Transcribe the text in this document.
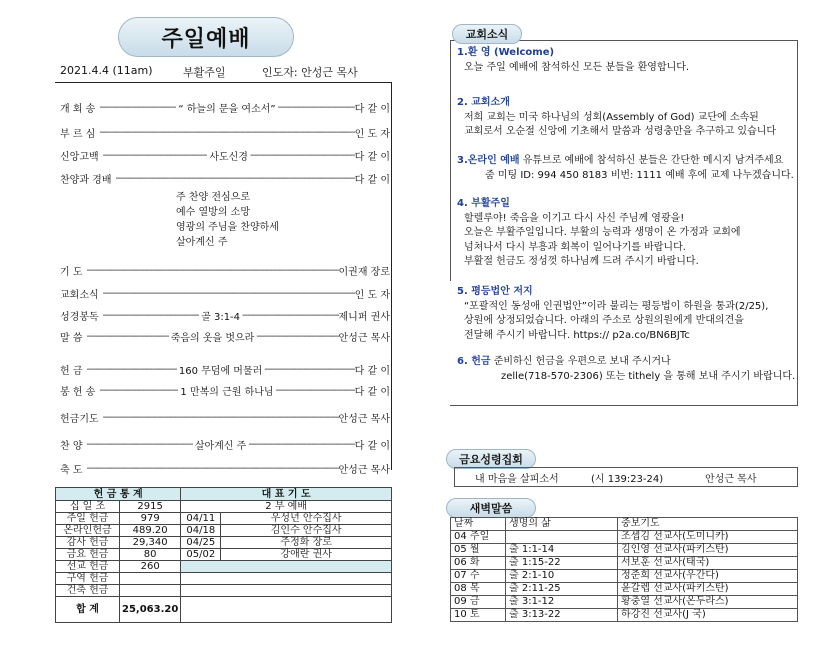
주일예배
2021.4.4 (11am)	부활주일	인도자: 안성근 목사
개 회 송 -----	“ 하늘의 문을 여소서” -----	다 같 이
부 르 심 -----	인 도 자
신앙고백 -----	사도신경 -----	다 같 이
찬양과 경배 -----	다 같 이
기 도 -----	이권재 장로
교회소식 -----	인 도 자
성경봉독 -----	골 3:1-4 -----	제니퍼 권사
말 씀 -----	죽음의 옷을 벗으라 -----	안성근 목사
헌 금 -----	160 무덤에 머물러 -----	다 같 이
봉 헌 송 -----	1 만복의 근원 하나님 -----	다 같 이
헌금기도 -----	안성근 목사
찬 양 -----	살아계신 주 -----	다 같 이
축 도 -----	안성근 목사
주 찬양 전심으로
예수 열방의 소망
영광의 주님을 찬양하세
살아계신 주
헌 금 통 계		대 표 기 도	
십 일 조	2915	2 부 예배	
주일 헌금	979	04/11	우성년 안수집사
온라인헌금	489.20	04/18	김인수 안수집사
감사 헌금	29,340	04/25	주정화 장로
금요 헌금	80	05/02	강애란 권사
선교 헌금	260		
구역 헌금			
건축 헌금			
합 계	25,063.20		
교회소식
1.환 영 (Welcome)
오늘 주일 예배에 참석하신 모든 분들을 환영합니다.
2. 교회소개
저희 교회는 미국 하나님의 성회(Assembly of God) 교단에 소속된
교회로서 오순절 신앙에 기초해서 말씀과 성령충만을 추구하고 있습니다
3.온라인 예배 유튜브로 예배에 참석하신 분들은 간단한 메시지 남겨주세요
줌 미팅 ID: 994 450 8183 비번: 1111 예배 후에 교제 나누겠습니다.
4. 부활주일
할렐루야! 죽음을 이기고 다시 사신 주님께 영광을!
오늘은 부활주일입니다. 부활의 능력과 생명이 온 가정과 교회에
넘쳐나서 다시 부흥과 회복이 일어나기를 바랍니다.
부활절 헌금도 정성껏 하나님께 드려 주시기 바랍니다.
5. 평등법안 저지
“포괄적인 동성애 인권법안”이라 불리는 평등법이 하원을 통과(2/25),
상원에 상정되었습니다. 아래의 주소로 상원의원에게 반대의견을
전달해 주시기 바랍니다. https:// p2a.co/BN6BJTc
6. 헌금 준비하신 헌금을 우편으로 보내 주시거나
zelle(718-570-2306) 또는 tithely 을 통해 보내 주시기 바랍니다.
금요성령집회
내 마음을 살피소서	(시 139:23-24)	안성근 목사
새벽말씀
날짜	생명의 삶	중보기도
04 주일		조셉김 선교사(도미니카)
05 월	출 1:1-14	김인영 선교사(파키스탄)
06 화	출 1:15-22	서보훈 선교사(태국)
07 수	출 2:1-10	정준희 선교사(우간다)
08 목	출 2:11-25	윤갈렙 선교사(파키스탄)
09 금	출 3:1-12	황충열 선교사(온두라스)
10 토	출 3:13-22	하강진 선교사(J 국)
